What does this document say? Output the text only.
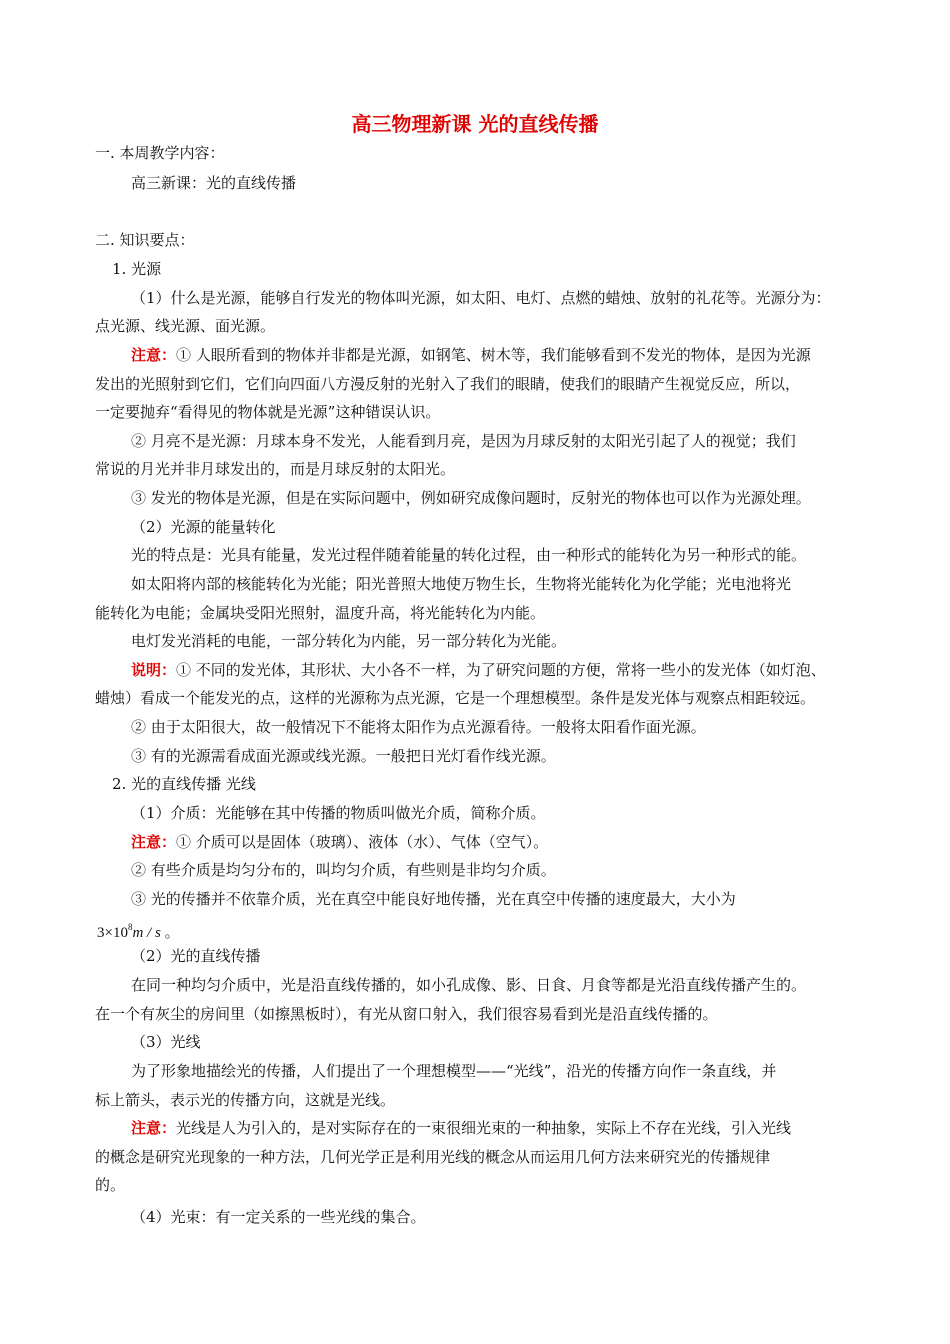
高三物理新课 光的直线传播
一. 本周教学内容：
高三新课：光的直线传播
二. 知识要点：
1. 光源
（1）什么是光源，能够自行发光的物体叫光源，如太阳、电灯、点燃的蜡烛、放射的礼花等。光源分为：
点光源、线光源、面光源。
注意：① 人眼所看到的物体并非都是光源，如钢笔、树木等，我们能够看到不发光的物体，是因为光源
发出的光照射到它们，它们向四面八方漫反射的光射入了我们的眼睛，使我们的眼睛产生视觉反应，所以，
一定要抛弃“看得见的物体就是光源”这种错误认识。
② 月亮不是光源：月球本身不发光，人能看到月亮，是因为月球反射的太阳光引起了人的视觉；我们
常说的月光并非月球发出的，而是月球反射的太阳光。
③ 发光的物体是光源，但是在实际问题中，例如研究成像问题时，反射光的物体也可以作为光源处理。
（2）光源的能量转化
光的特点是：光具有能量，发光过程伴随着能量的转化过程，由一种形式的能转化为另一种形式的能。
如太阳将内部的核能转化为光能；阳光普照大地使万物生长，生物将光能转化为化学能；光电池将光
能转化为电能；金属块受阳光照射，温度升高，将光能转化为内能。
电灯发光消耗的电能，一部分转化为内能，另一部分转化为光能。
说明：① 不同的发光体，其形状、大小各不一样，为了研究问题的方便，常将一些小的发光体（如灯泡、
蜡烛）看成一个能发光的点，这样的光源称为点光源，它是一个理想模型。条件是发光体与观察点相距较远。
② 由于太阳很大，故一般情况下不能将太阳作为点光源看待。一般将太阳看作面光源。
③ 有的光源需看成面光源或线光源。一般把日光灯看作线光源。
2. 光的直线传播 光线
（1）介质：光能够在其中传播的物质叫做光介质，简称介质。
注意：① 介质可以是固体（玻璃）、液体（水）、气体（空气）。
② 有些介质是均匀分布的，叫均匀介质，有些则是非均匀介质。
③ 光的传播并不依靠介质，光在真空中能良好地传播，光在真空中传播的速度最大，大小为
$3\times 10^8m / s$ 。
（2）光的直线传播
在同一种均匀介质中，光是沿直线传播的，如小孔成像、影、日食、月食等都是光沿直线传播产生的。
在一个有灰尘的房间里（如擦黑板时），有光从窗口射入，我们很容易看到光是沿直线传播的。
（3）光线
为了形象地描绘光的传播，人们提出了一个理想模型——“光线”，沿光的传播方向作一条直线，并
标上箭头，表示光的传播方向，这就是光线。
注意：光线是人为引入的，是对实际存在的一束很细光束的一种抽象，实际上不存在光线，引入光线
的概念是研究光现象的一种方法，几何光学正是利用光线的概念从而运用几何方法来研究光的传播规律
的。
（4）光束：有一定关系的一些光线的集合。
